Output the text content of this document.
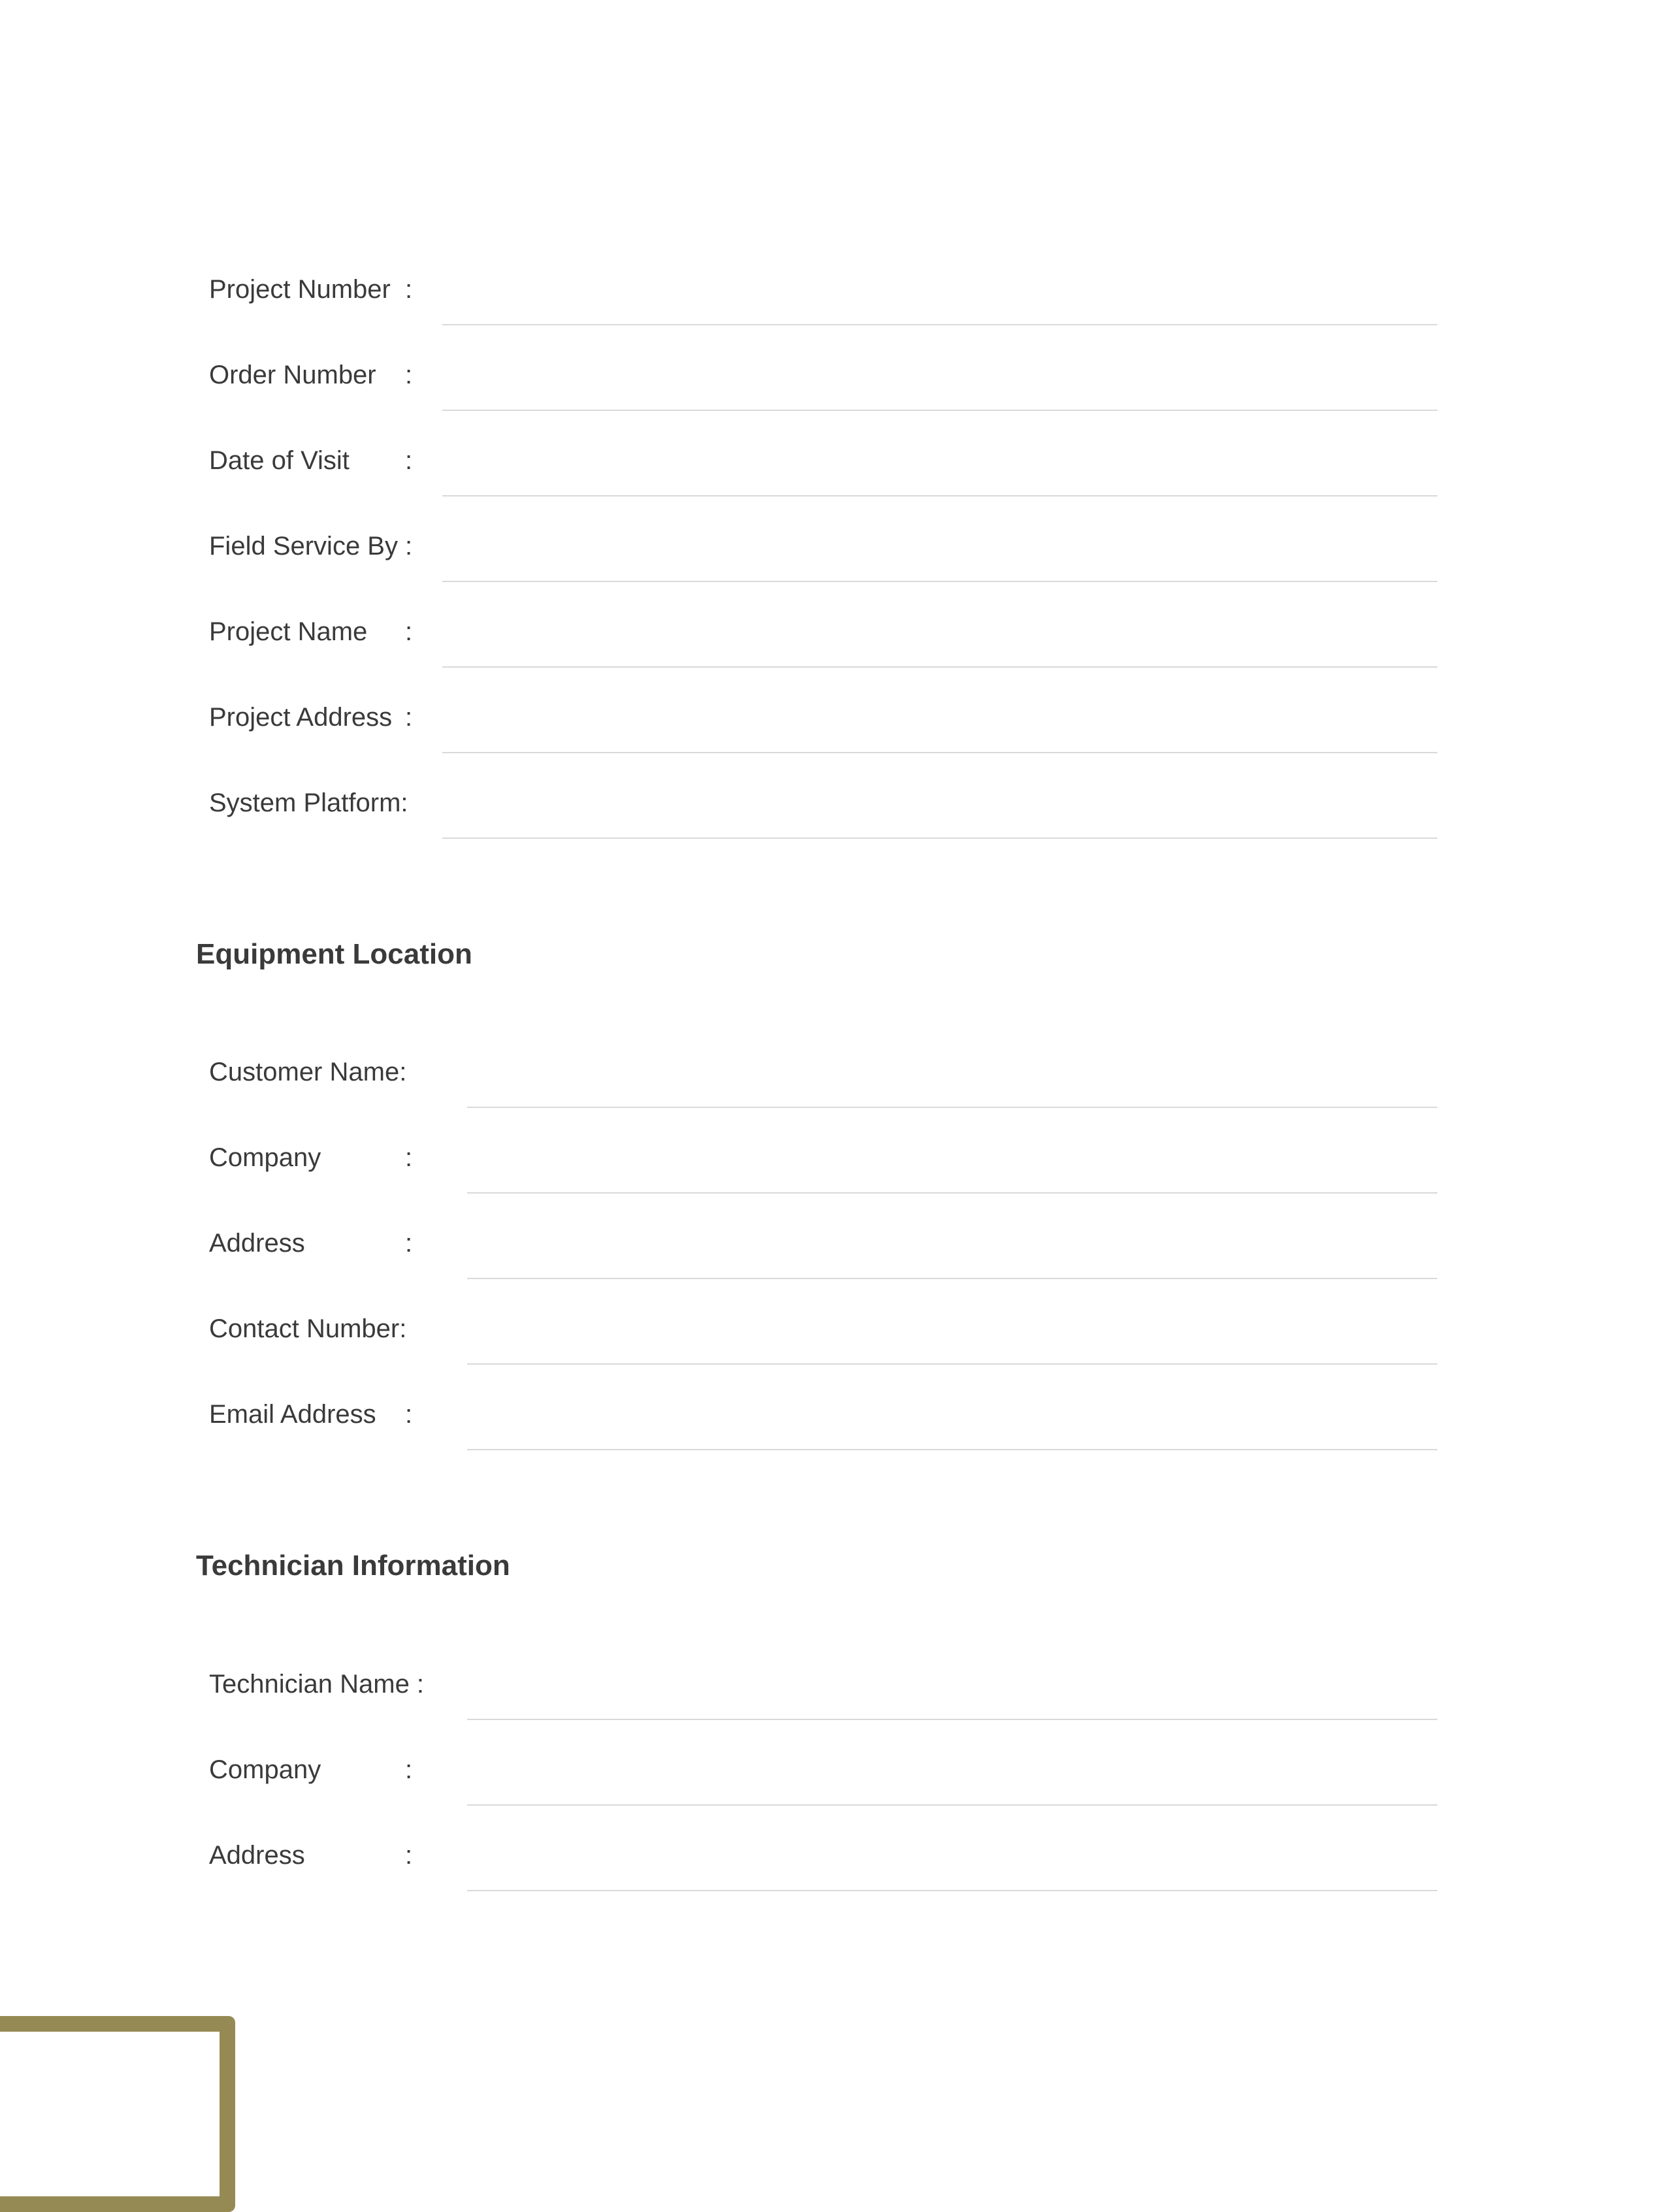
Project Number :
Order Number :
Date of Visit :
Field Service By :
Project Name :
Project Address :
System Platform:
Equipment Location
Customer Name:
Company	:
Address	:
Contact Number:
Email Address :
Technician Information
Technician Name :
Company	:
Address	:
